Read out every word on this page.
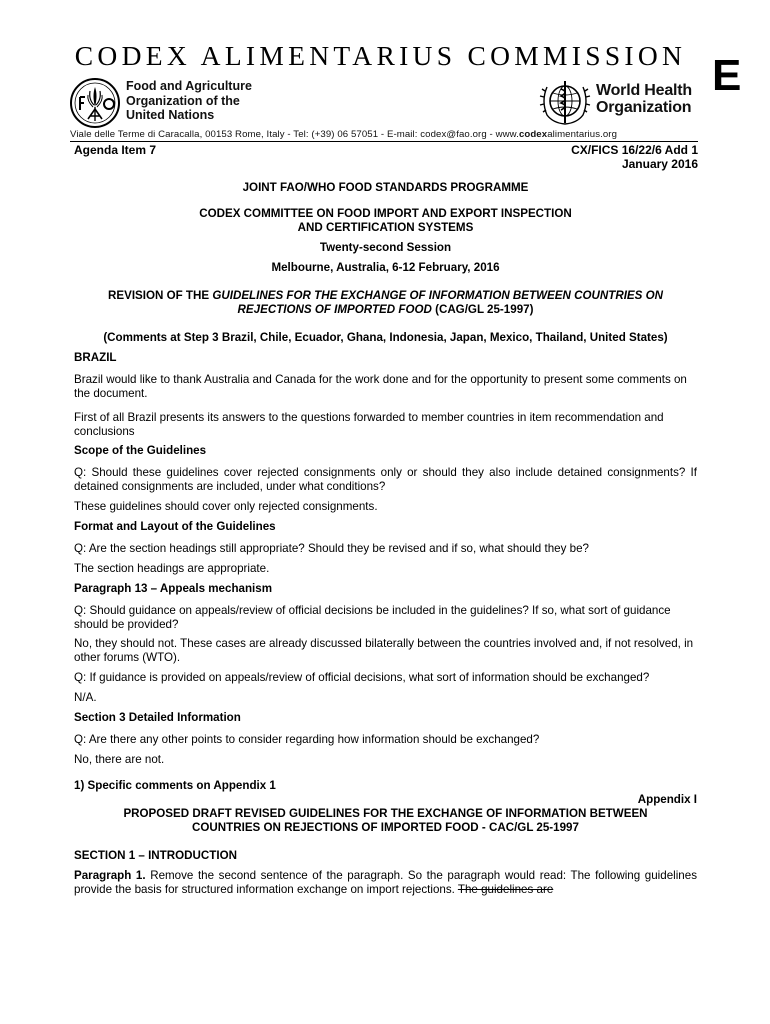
CODEX ALIMENTARIUS COMMISSION E
Food and Agriculture
Organization of the
United Nations
World Health
Organization
Viale delle Terme di Caracalla, 00153 Rome, Italy - Tel: (+39) 06 57051 - E-mail: codex@fao.org - www.codexalimentarius.org
Agenda Item 7	CX/FICS 16/22/6 Add 1
January 2016

JOINT FAO/WHO FOOD STANDARDS PROGRAMME

CODEX COMMITTEE ON FOOD IMPORT AND EXPORT INSPECTION
AND CERTIFICATION SYSTEMS

Twenty-second Session

Melbourne, Australia, 6-12 February, 2016

REVISION OF THE GUIDELINES FOR THE EXCHANGE OF INFORMATION BETWEEN COUNTRIES ON REJECTIONS OF IMPORTED FOOD (CAG/GL 25-1997)

(Comments at Step 3 Brazil, Chile, Ecuador, Ghana, Indonesia, Japan, Mexico, Thailand, United States)

BRAZIL

Brazil would like to thank Australia and Canada for the work done and for the opportunity to present some comments on the document.

First of all Brazil presents its answers to the questions forwarded to member countries in item recommendation and conclusions

Scope of the Guidelines

Q: Should these guidelines cover rejected consignments only or should they also include detained consignments? If detained consignments are included, under what conditions?

These guidelines should cover only rejected consignments.

Format and Layout of the Guidelines

Q: Are the section headings still appropriate? Should they be revised and if so, what should they be?

The section headings are appropriate.

Paragraph 13 – Appeals mechanism

Q: Should guidance on appeals/review of official decisions be included in the guidelines? If so, what sort of guidance should be provided?

No, they should not. These cases are already discussed bilaterally between the countries involved and, if not resolved, in other forums (WTO).

Q: If guidance is provided on appeals/review of official decisions, what sort of information should be exchanged?

N/A.

Section 3 Detailed Information

Q: Are there any other points to consider regarding how information should be exchanged?

No, there are not.

1) Specific comments on Appendix 1

Appendix I

PROPOSED DRAFT REVISED GUIDELINES FOR THE EXCHANGE OF INFORMATION BETWEEN
COUNTRIES ON REJECTIONS OF IMPORTED FOOD - CAC/GL 25-1997

SECTION 1 – INTRODUCTION

Paragraph 1. Remove the second sentence of the paragraph. So the paragraph would read: The following guidelines provide the basis for structured information exchange on import rejections. The guidelines are
